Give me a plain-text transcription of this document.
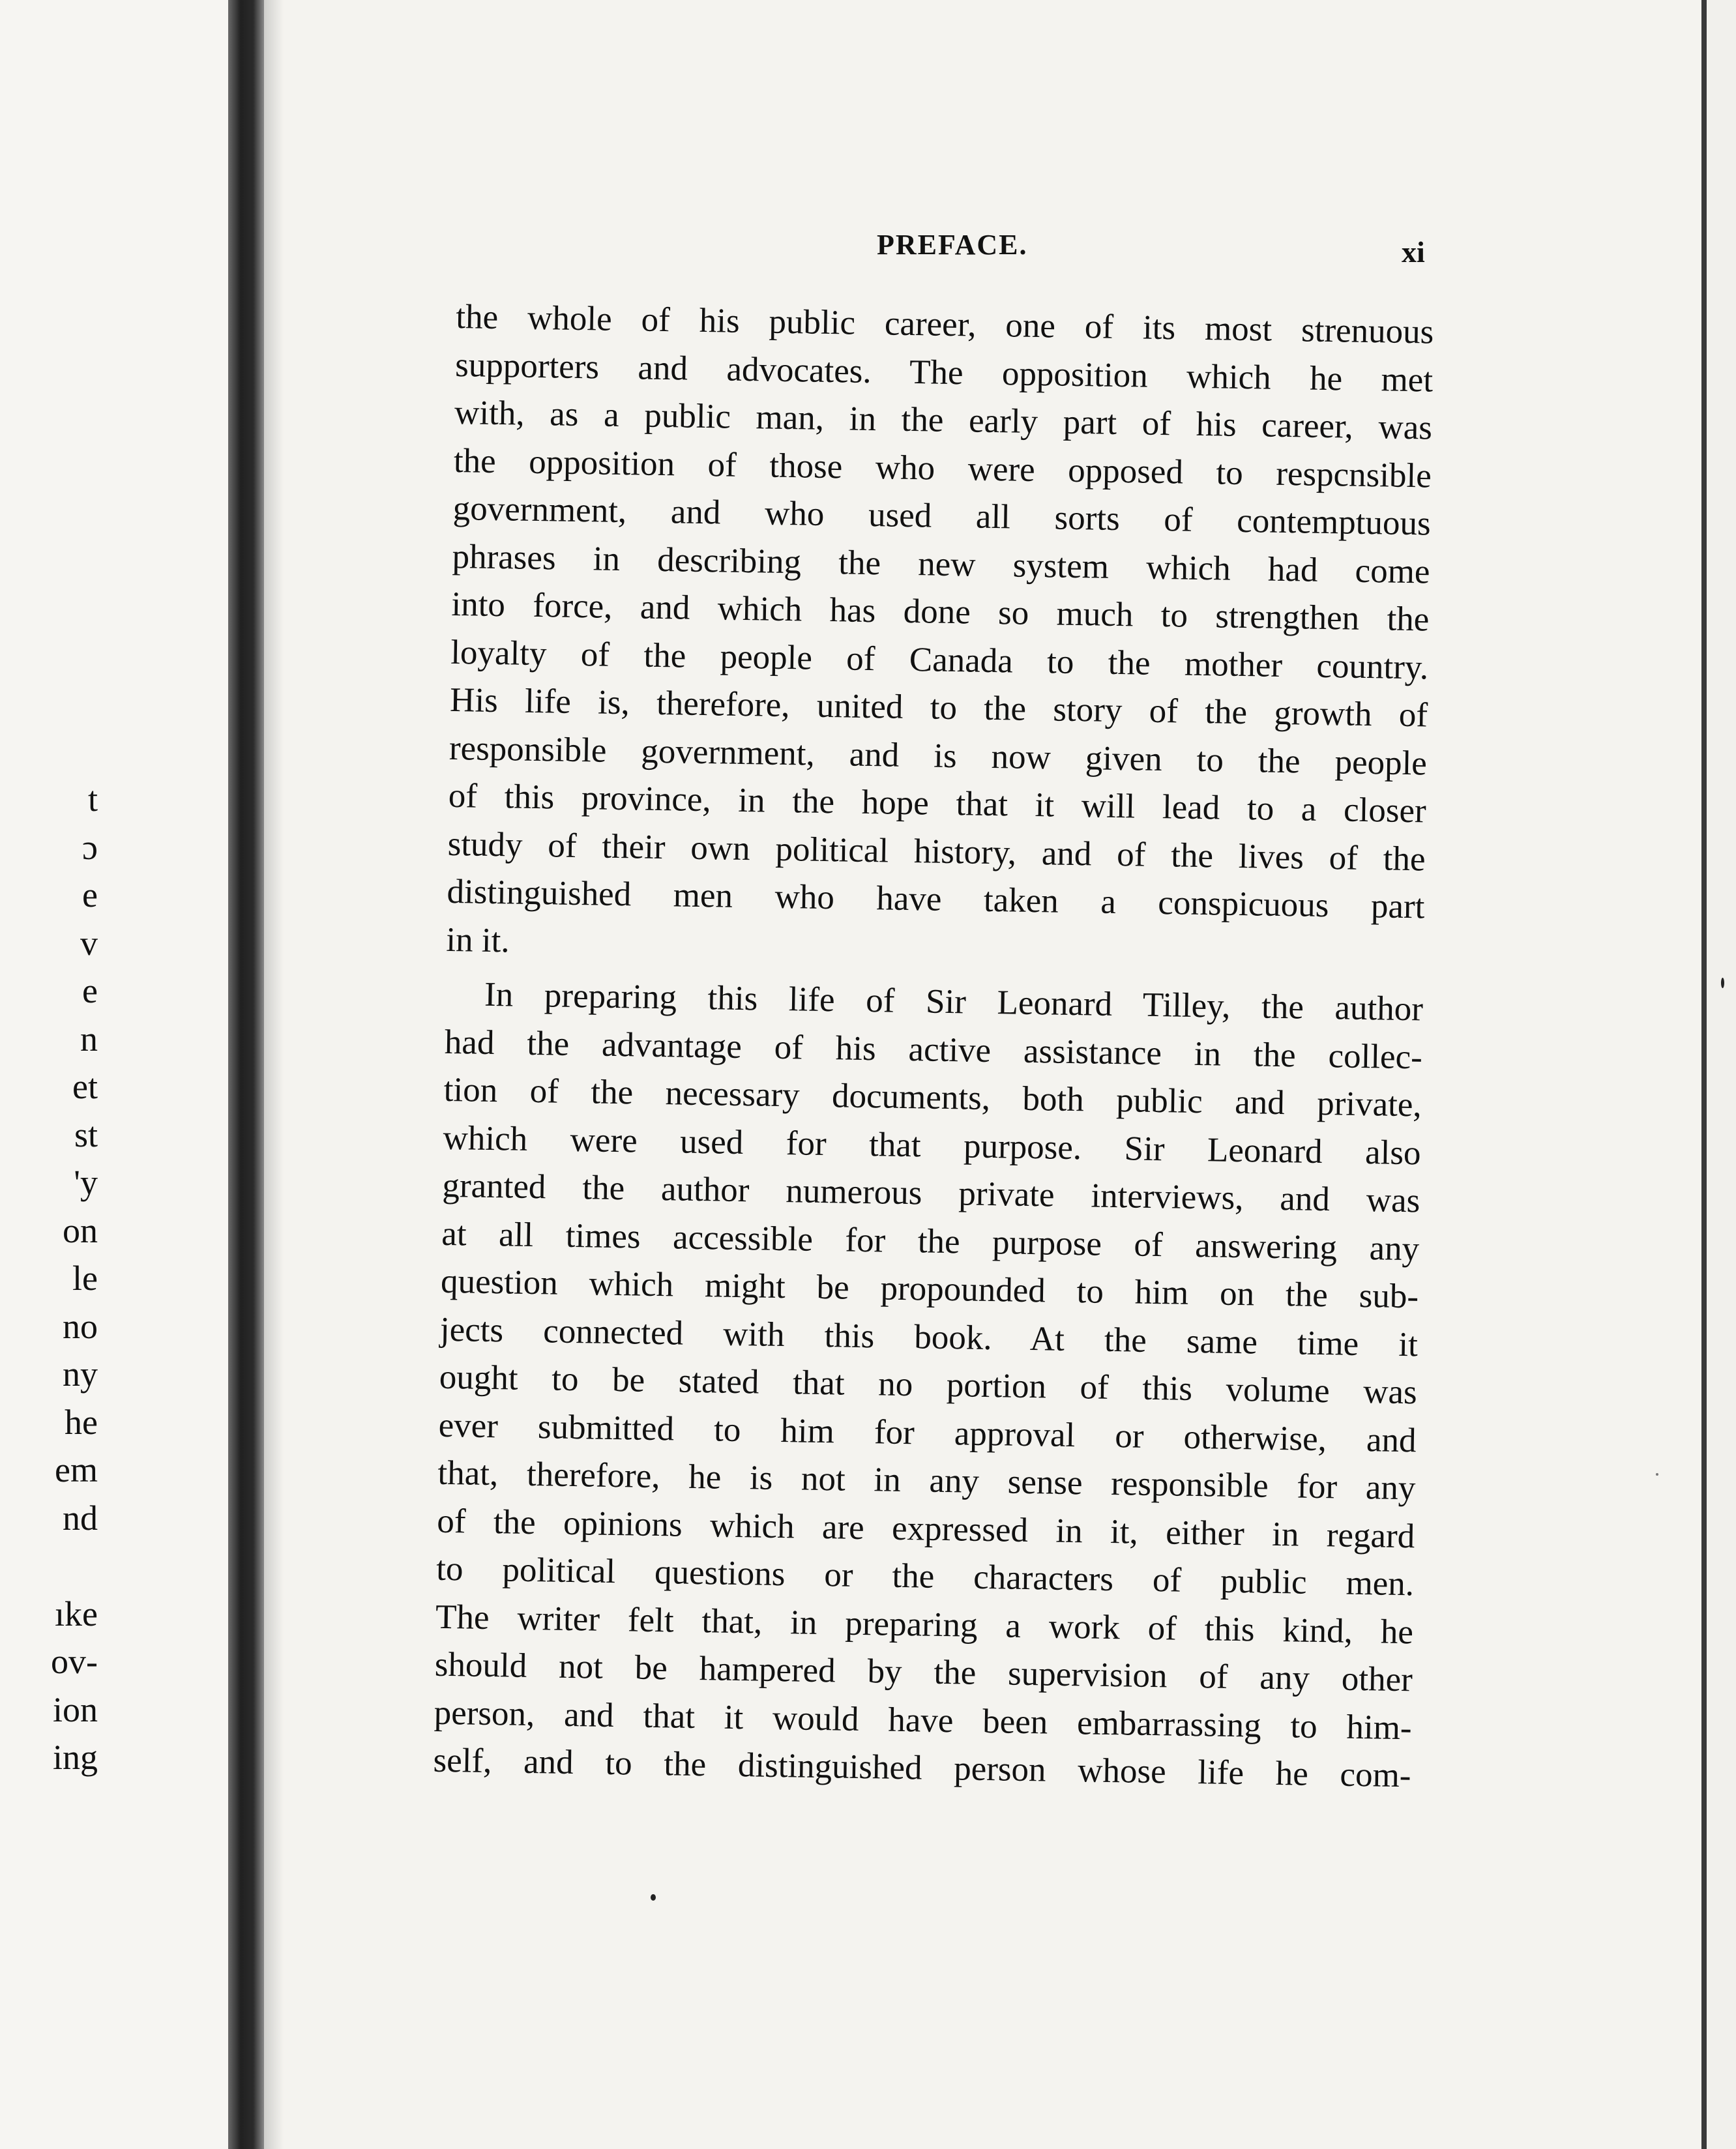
t
ɔ
e
v
e
n
et
st
'y
on
le
no
ny
he
em
nd
ıke
ov-
ion
ing
PREFACE.	xi
the whole of his public career, one of its most strenuous
supporters and advocates. The opposition which he met
with, as a public man, in the early part of his career, was
the opposition of those who were opposed to respcnsible
government, and who used all sorts of contemptuous
phrases in describing the new system which had come
into force, and which has done so much to strengthen the
loyalty of the people of Canada to the mother country.
His life is, therefore, united to the story of the growth of
responsible government, and is now given to the people
of this province, in the hope that it will lead to a closer
study of their own political history, and of the lives of the
distinguished men who have taken a conspicuous part
in it.
In preparing this life of Sir Leonard Tilley, the author
had the advantage of his active assistance in the collec-
tion of the necessary documents, both public and private,
which were used for that purpose. Sir Leonard also
granted the author numerous private interviews, and was
at all times accessible for the purpose of answering any
question which might be propounded to him on the sub-
jects connected with this book. At the same time it
ought to be stated that no portion of this volume was
ever submitted to him for approval or otherwise, and
that, therefore, he is not in any sense responsible for any
of the opinions which are expressed in it, either in regard
to political questions or the characters of public men.
The writer felt that, in preparing a work of this kind, he
should not be hampered by the supervision of any other
person, and that it would have been embarrassing to him-
self, and to the distinguished person whose life he com-
